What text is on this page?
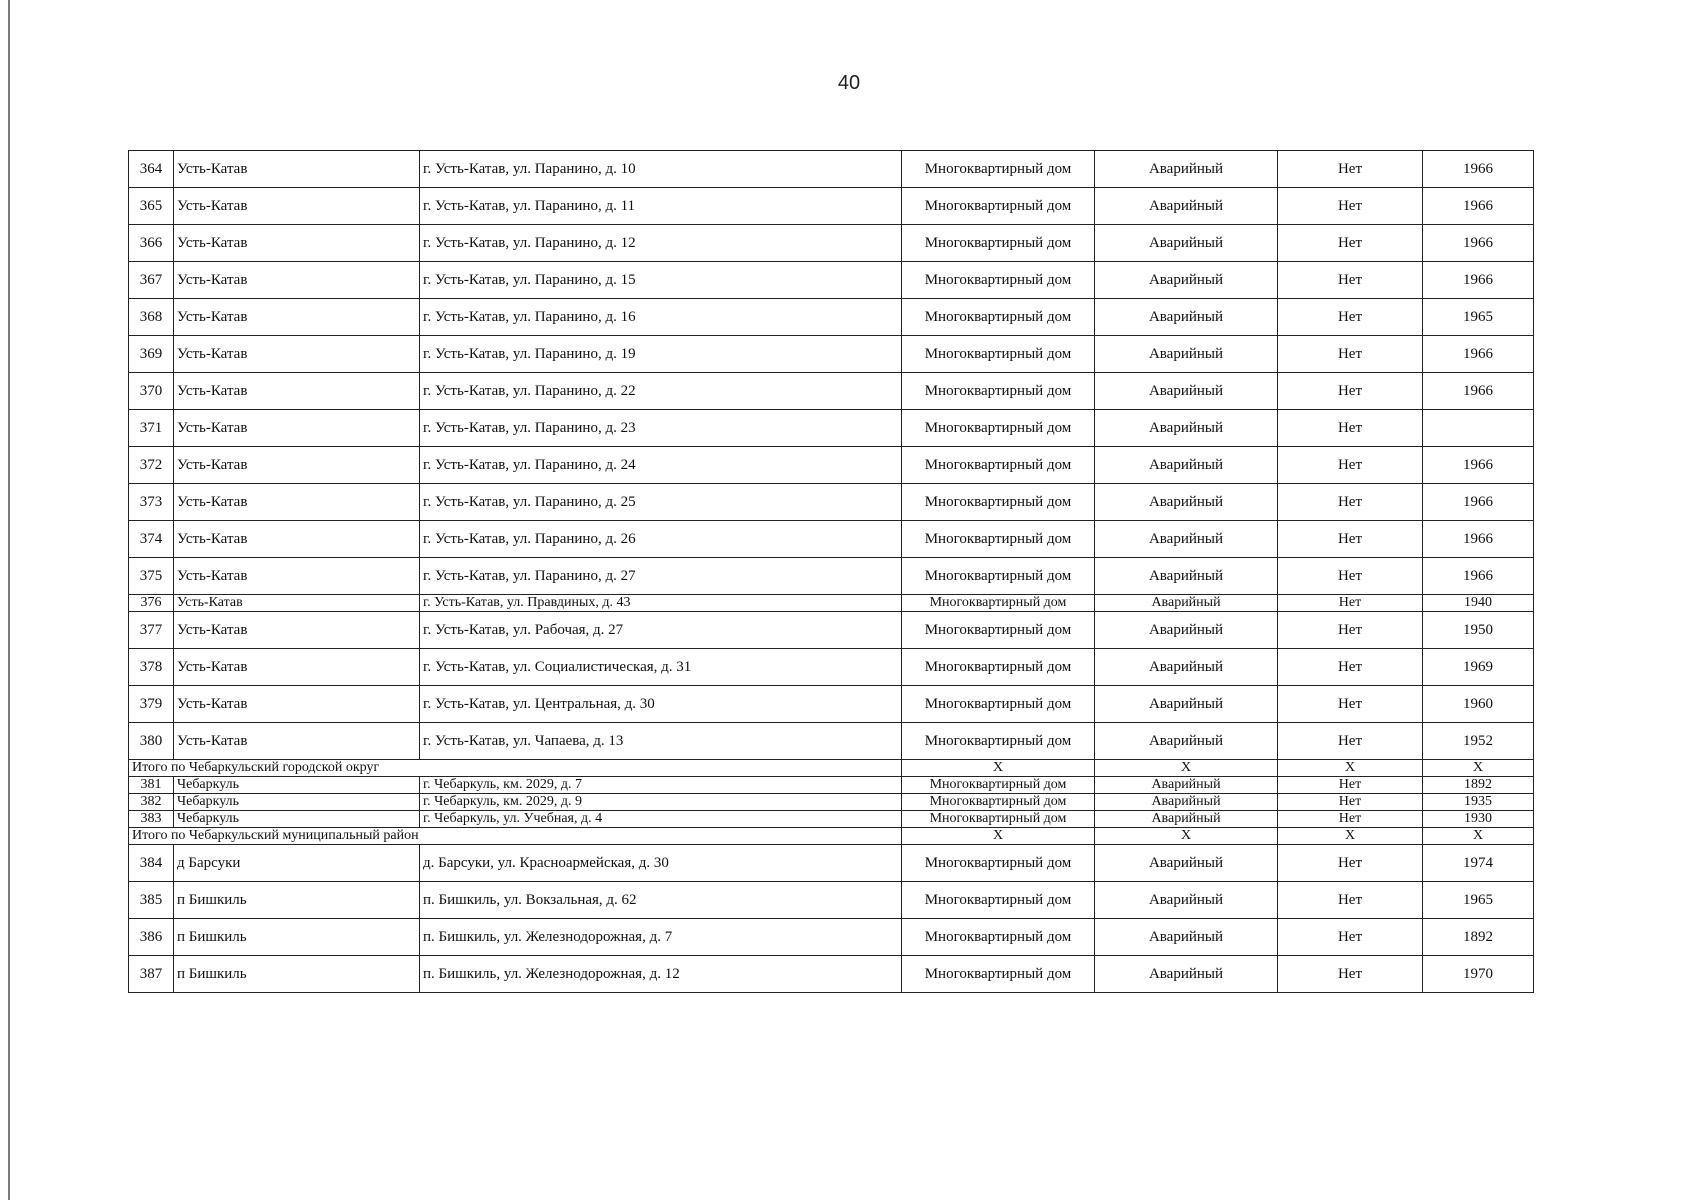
40
364	Усть-Катав	г. Усть-Катав, ул. Паранино, д. 10	Многоквартирный дом	Аварийный	Нет	1966
365	Усть-Катав	г. Усть-Катав, ул. Паранино, д. 11	Многоквартирный дом	Аварийный	Нет	1966
366	Усть-Катав	г. Усть-Катав, ул. Паранино, д. 12	Многоквартирный дом	Аварийный	Нет	1966
367	Усть-Катав	г. Усть-Катав, ул. Паранино, д. 15	Многоквартирный дом	Аварийный	Нет	1966
368	Усть-Катав	г. Усть-Катав, ул. Паранино, д. 16	Многоквартирный дом	Аварийный	Нет	1965
369	Усть-Катав	г. Усть-Катав, ул. Паранино, д. 19	Многоквартирный дом	Аварийный	Нет	1966
370	Усть-Катав	г. Усть-Катав, ул. Паранино, д. 22	Многоквартирный дом	Аварийный	Нет	1966
371	Усть-Катав	г. Усть-Катав, ул. Паранино, д. 23	Многоквартирный дом	Аварийный	Нет	
372	Усть-Катав	г. Усть-Катав, ул. Паранино, д. 24	Многоквартирный дом	Аварийный	Нет	1966
373	Усть-Катав	г. Усть-Катав, ул. Паранино, д. 25	Многоквартирный дом	Аварийный	Нет	1966
374	Усть-Катав	г. Усть-Катав, ул. Паранино, д. 26	Многоквартирный дом	Аварийный	Нет	1966
375	Усть-Катав	г. Усть-Катав, ул. Паранино, д. 27	Многоквартирный дом	Аварийный	Нет	1966
376	Усть-Катав	г. Усть-Катав, ул. Правдиных, д. 43	Многоквартирный дом	Аварийный	Нет	1940
377	Усть-Катав	г. Усть-Катав, ул. Рабочая, д. 27	Многоквартирный дом	Аварийный	Нет	1950
378	Усть-Катав	г. Усть-Катав, ул. Социалистическая, д. 31	Многоквартирный дом	Аварийный	Нет	1969
379	Усть-Катав	г. Усть-Катав, ул. Центральная, д. 30	Многоквартирный дом	Аварийный	Нет	1960
380	Усть-Катав	г. Усть-Катав, ул. Чапаева, д. 13	Многоквартирный дом	Аварийный	Нет	1952
Итого по Чебаркульский городской округ			X	X	X	X
381	Чебаркуль	г. Чебаркуль, км. 2029, д. 7	Многоквартирный дом	Аварийный	Нет	1892
382	Чебаркуль	г. Чебаркуль, км. 2029, д. 9	Многоквартирный дом	Аварийный	Нет	1935
383	Чебаркуль	г. Чебаркуль, ул. Учебная, д. 4	Многоквартирный дом	Аварийный	Нет	1930
Итого по Чебаркульский муниципальный район			X	X	X	X
384	д Барсуки	д. Барсуки, ул. Красноармейская, д. 30	Многоквартирный дом	Аварийный	Нет	1974
385	п Бишкиль	п. Бишкиль, ул. Вокзальная, д. 62	Многоквартирный дом	Аварийный	Нет	1965
386	п Бишкиль	п. Бишкиль, ул. Железнодорожная, д. 7	Многоквартирный дом	Аварийный	Нет	1892
387	п Бишкиль	п. Бишкиль, ул. Железнодорожная, д. 12	Многоквартирный дом	Аварийный	Нет	1970
